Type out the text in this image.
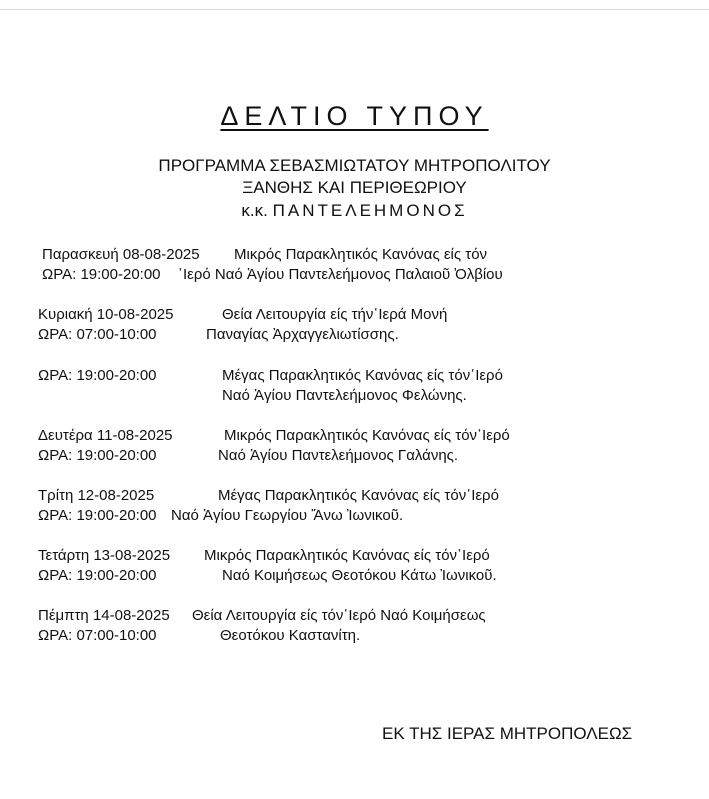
ΔΕΛΤΙΟ ΤΥΠΟΥ
ΠΡΟΓΡΑΜΜΑ ΣΕΒΑΣΜΙΩΤΑΤΟΥ ΜΗΤΡΟΠΟΛΙΤΟΥ
ΞΑΝΘΗΣ ΚΑΙ ΠΕΡΙΘΕΩΡΙΟΥ
κ.κ. ΠΑΝΤΕΛΕΗΜΟΝΟΣ
Παρασκευή 08-08-2025 Μικρός Παρακλητικός Κανόνας είς τόν
ΩΡΑ: 19:00-20:00 ῾Ιερό Ναό Ἁγίου Παντελεήμονος Παλαιοῦ Ὀλβίου
Κυριακή 10-08-2025	Θεία Λειτουργία είς τήν῾Ιερά Μονή
ΩΡΑ: 07:00-10:00	Παναγίας Ἀρχαγγελιωτίσσης.
ΩΡΑ: 19:00-20:00	Μέγας Παρακλητικός Κανόνας είς τόν῾Ιερό
Ναό Ἁγίου Παντελεήμονος Φελώνης.
Δευτέρα 11-08-2025	Μικρός Παρακλητικός Κανόνας είς τόν῾Ιερό
ΩΡΑ: 19:00-20:00	Ναό Ἁγίου Παντελεήμονος Γαλάνης.
Τρίτη 12-08-2025	Μέγας Παρακλητικός Κανόνας είς τόν῾Ιερό
ΩΡΑ: 19:00-20:00 Ναό Ἁγίου Γεωργίου Ἄνω Ἰωνικοῦ.
Τετάρτη 13-08-2025 Μικρός Παρακλητικός Κανόνας είς τόν῾Ιερό
ΩΡΑ: 19:00-20:00	Ναό Κοιμήσεως Θεοτόκου Κάτω Ἰωνικοῦ.
Πέμπτη 14-08-2025 Θεία Λειτουργία είς τόν῾Ιερό Ναό Κοιμήσεως
ΩΡΑ: 07:00-10:00	Θεοτόκου Καστανίτη.
ΕΚ ΤΗΣ ΙΕΡΑΣ ΜΗΤΡΟΠΟΛΕΩΣ
